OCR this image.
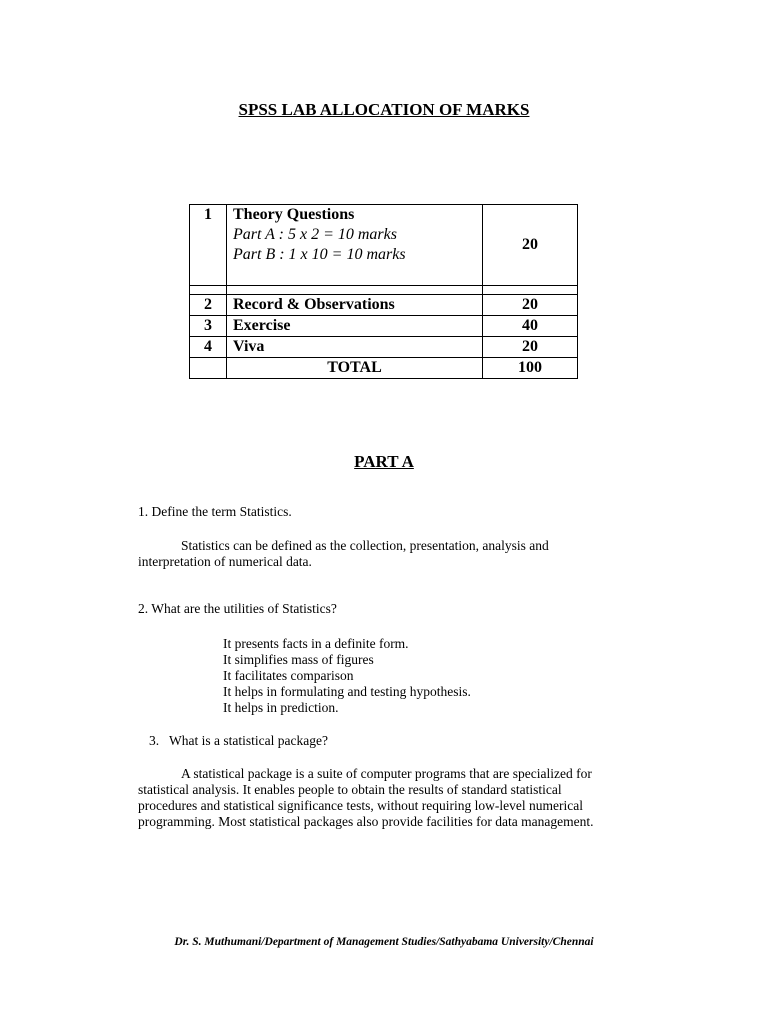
SPSS LAB ALLOCATION OF MARKS
1	Theory Questions
Part A : 5 x 2 = 10 marks
Part B : 1 x 10 = 10 marks	20

2	Record & Observations	20
3	Exercise	40
4	Viva	20
	TOTAL	100
PART A
1. Define the term Statistics.
Statistics can be defined as the collection, presentation, analysis and interpretation of numerical data.
2. What are the utilities of Statistics?
It presents facts in a definite form.
It simplifies mass of figures
It facilitates comparison
It helps in formulating and testing hypothesis.
It helps in prediction.
3.   What is a statistical package?
A statistical package is a suite of computer programs that are specialized for statistical analysis. It enables people to obtain the results of standard statistical procedures and statistical significance tests, without requiring low-level numerical programming. Most statistical packages also provide facilities for data management.
Dr. S. Muthumani/Department of Management Studies/Sathyabama University/Chennai
